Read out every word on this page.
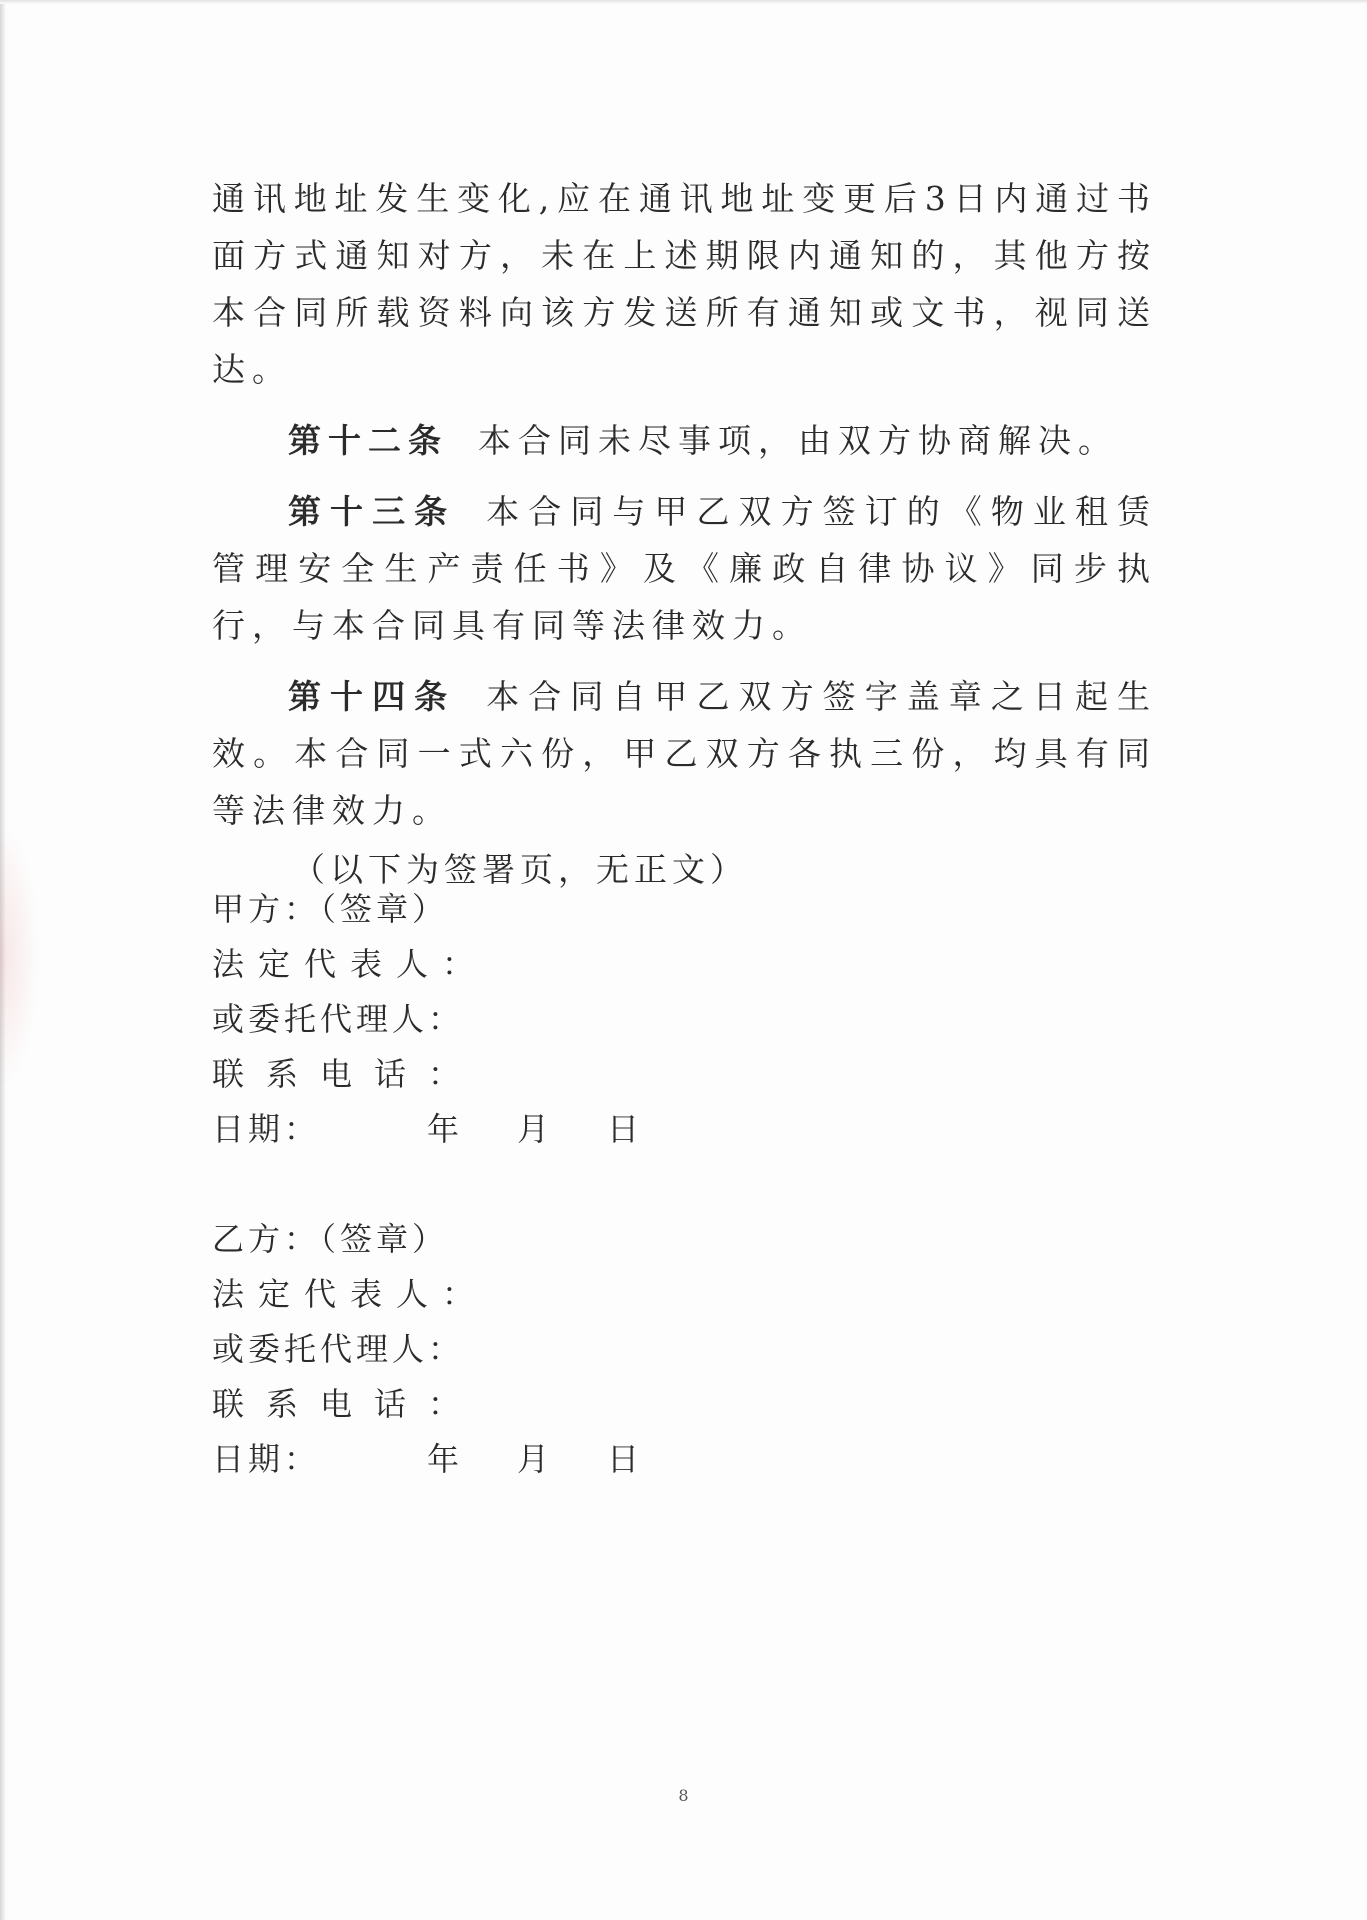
通讯地址发生变化,应在通讯地址变更后3日内通过书面方式通知对方，未在上述期限内通知的，其他方按本合同所载资料向该方发送所有通知或文书，视同送达。

第十二条 本合同未尽事项，由双方协商解决。

第十三条 本合同与甲乙双方签订的《物业租赁管理安全生产责任书》及《廉政自律协议》同步执行，与本合同具有同等法律效力。

第十四条 本合同自甲乙双方签字盖章之日起生效。本合同一式六份，甲乙双方各执三份，均具有同等法律效力。

（以下为签署页，无正文）

甲方：（签章）
法定代表人：
或委托代理人：
联系电话：
日期：	年	月	日
乙方：（签章）
法定代表人：
或委托代理人：
联系电话：
日期：	年	月	日
8
